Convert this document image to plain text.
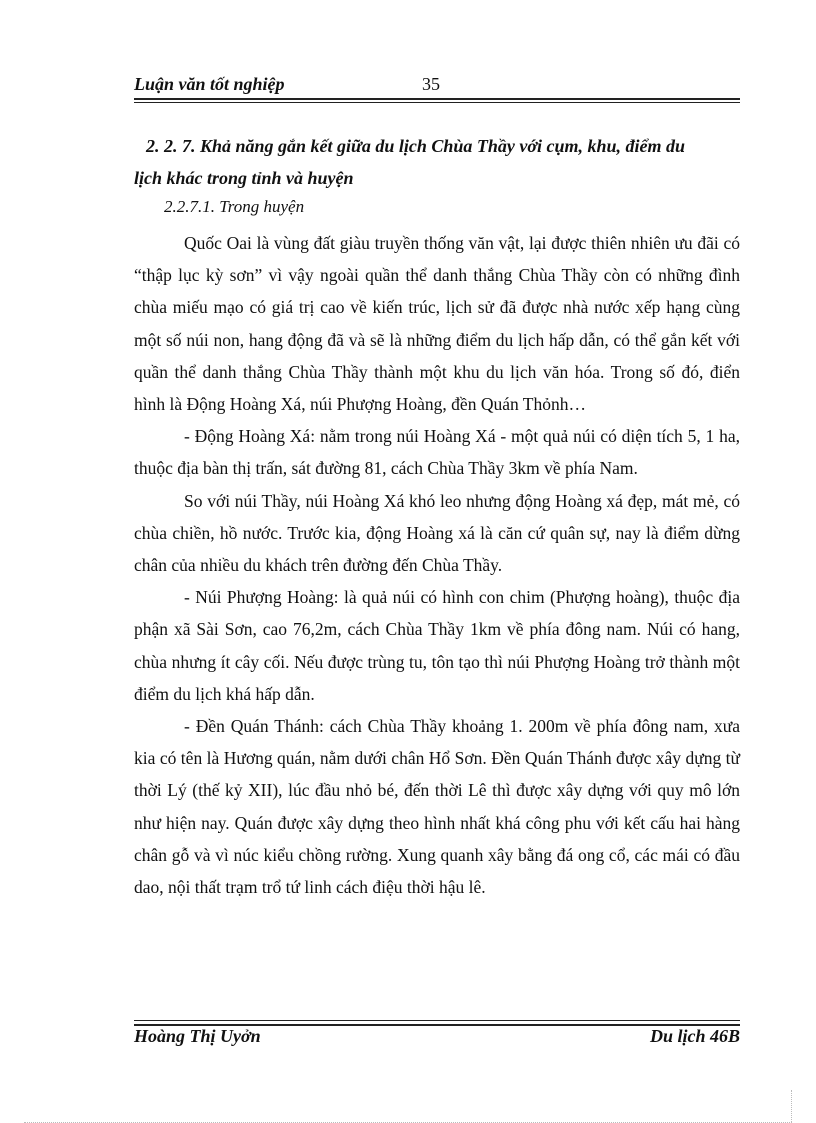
Luận văn tốt nghiệp	35
2. 2. 7. Khả năng gắn kết giữa du lịch Chùa Thầy với cụm, khu, điểm du
lịch khác trong tỉnh và huyện
2.2.7.1. Trong huyện

Quốc Oai là vùng đất giàu truyền thống văn vật, lại được thiên nhiên ưu đãi có “thập lục kỳ sơn” vì vậy ngoài quần thể danh thắng Chùa Thầy còn có những đình chùa miếu mạo có giá trị cao về kiến trúc, lịch sử đã được nhà nước xếp hạng cùng một số núi non, hang động đã và sẽ là những điểm du lịch hấp dẫn, có thể gắn kết với quần thể danh thắng Chùa Thầy thành một khu du lịch văn hóa. Trong số đó, điển hình là Động Hoàng Xá, núi Phượng Hoàng, đền Quán Thỏnh…

- Động Hoàng Xá: nằm trong núi Hoàng Xá - một quả núi có diện tích 5, 1 ha, thuộc địa bàn thị trấn, sát đường 81, cách Chùa Thầy 3km về phía Nam.

So với núi Thầy, núi Hoàng Xá khó leo nhưng động Hoàng xá đẹp, mát mẻ, có chùa chiền, hồ nước. Trước kia, động Hoàng xá là căn cứ quân sự, nay là điểm dừng chân của nhiều du khách trên đường đến Chùa Thầy.

- Núi Phượng Hoàng: là quả núi có hình con chim (Phượng hoàng), thuộc địa phận xã Sài Sơn, cao 76,2m, cách Chùa Thầy 1km về phía đông nam. Núi có hang, chùa nhưng ít cây cối. Nếu được trùng tu, tôn tạo thì núi Phượng Hoàng trở thành một điểm du lịch khá hấp dẫn.

- Đền Quán Thánh: cách Chùa Thầy khoảng 1. 200m về phía đông nam, xưa kia có tên là Hương quán, nằm dưới chân Hổ Sơn. Đền Quán Thánh được xây dựng từ thời Lý (thế kỷ XII), lúc đầu nhỏ bé, đến thời Lê thì được xây dựng với quy mô lớn như hiện nay. Quán được xây dựng theo hình nhất khá công phu với kết cấu hai hàng chân gỗ và vì núc kiểu chồng rường. Xung quanh xây bằng đá ong cổ, các mái có đầu dao, nội thất trạm trổ tứ linh cách điệu thời hậu lê.

Hoàng Thị Uyởn	Du lịch 46B
